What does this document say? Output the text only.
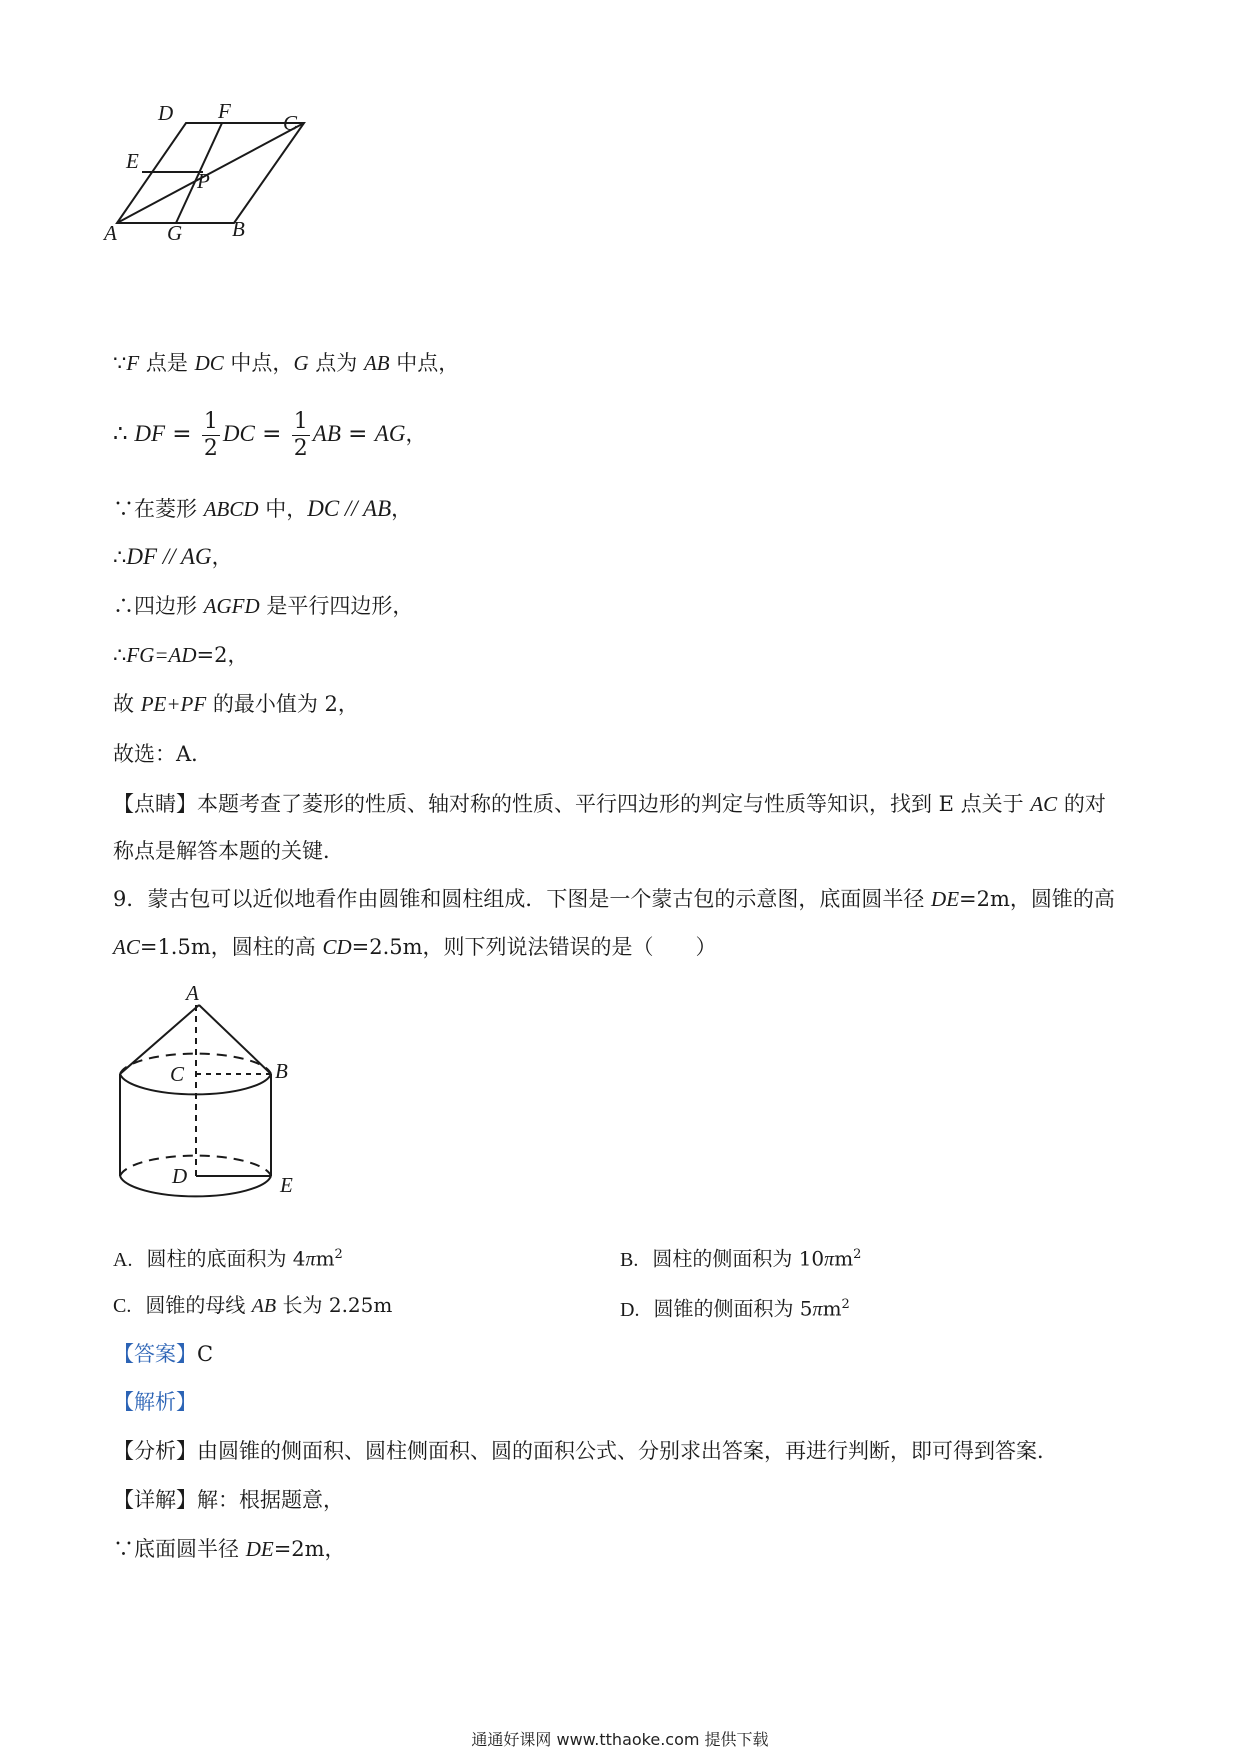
D F C
E
P
A G B
∵F 点是 DC 中点，G 点为 AB 中点，
∴ DF = $\frac{1}{2}$ DC = $\frac{1}{2}$ AB = AG，
∵在菱形 ABCD 中，DC // AB，
∴DF // AG，
∴四边形 AGFD 是平行四边形，
∴FG=AD=2，
故 PE+PF 的最小值为 2，
故选：A．
【点睛】本题考查了菱形的性质、轴对称的性质、平行四边形的判定与性质等知识，找到 E 点关于 AC 的对
称点是解答本题的关键．
9．蒙古包可以近似地看作由圆锥和圆柱组成．下图是一个蒙古包的示意图，底面圆半径 DE=2m，圆锥的高
AC=1.5m，圆柱的高 CD=2.5m，则下列说法错误的是（　　）
A
C	B
D	E
A. 圆柱的底面积为 $4\pi m^2$	B. 圆柱的侧面积为 $10\pi m^2$
C. 圆锥的母线 AB 长为 2.25m	D. 圆锥的侧面积为 $5\pi m^2$
【答案】C
【解析】
【分析】由圆锥的侧面积、圆柱侧面积、圆的面积公式、分别求出答案，再进行判断，即可得到答案．
【详解】解：根据题意，
∵底面圆半径 DE=2m，
通通好课网 www.tthaoke.com 提供下载
